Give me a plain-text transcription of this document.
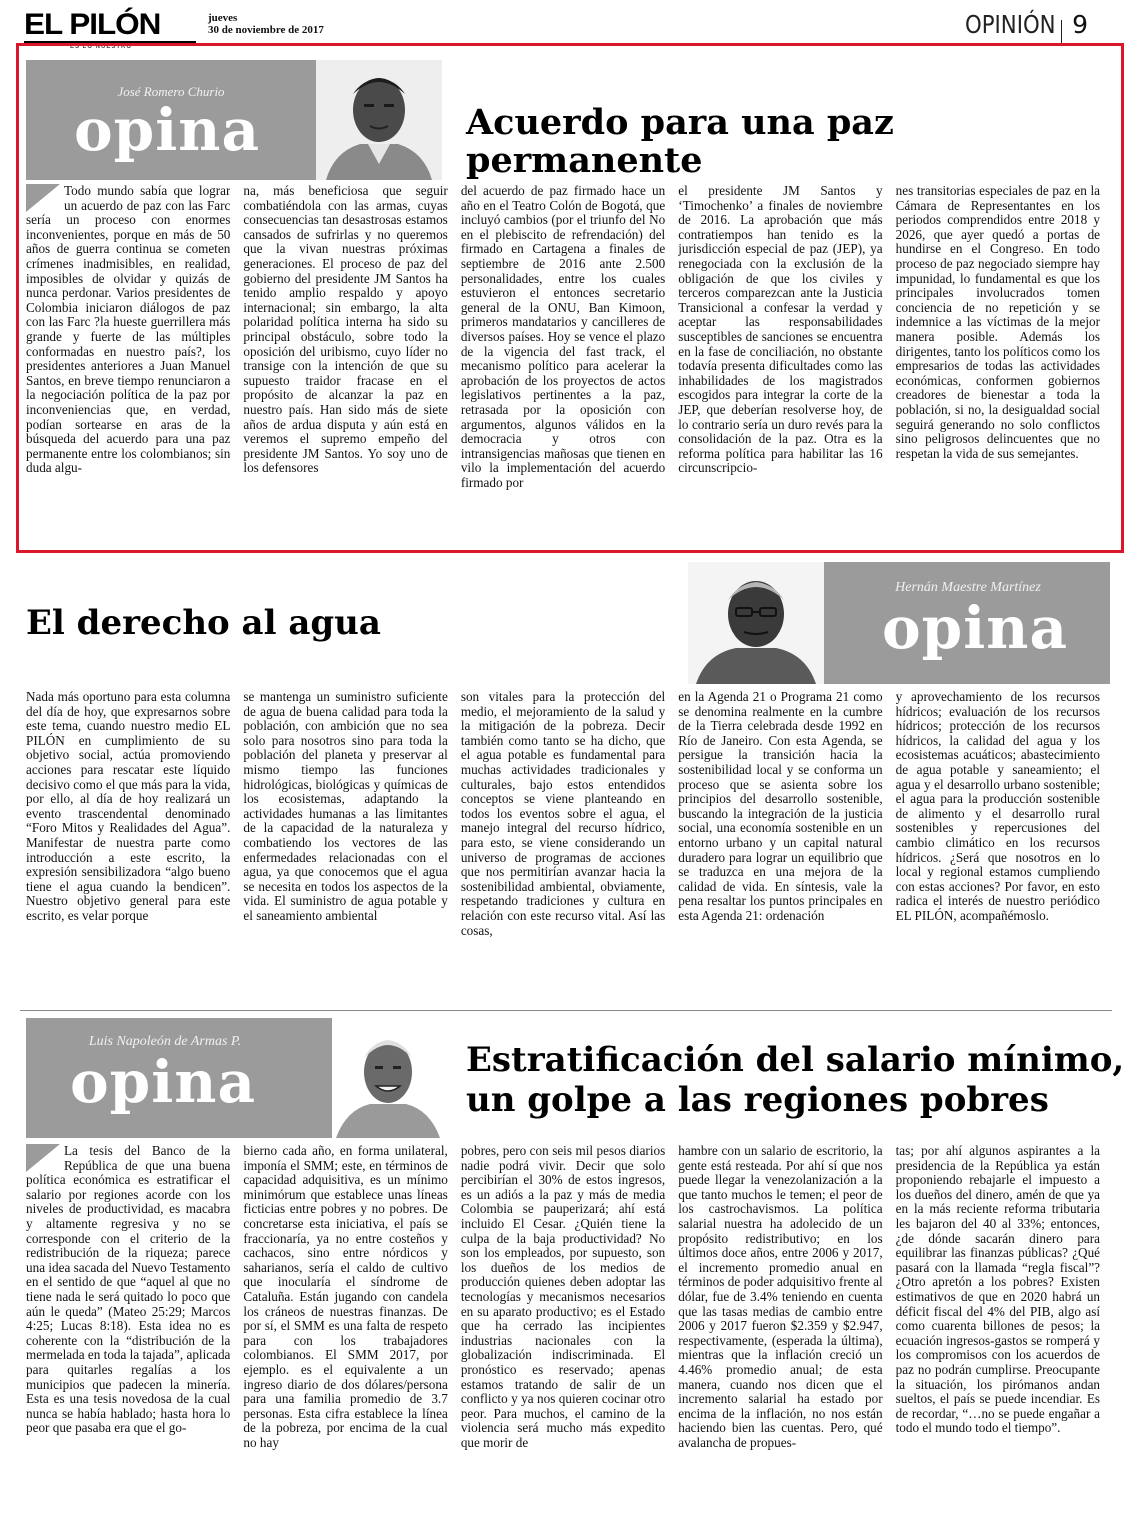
EL PILÓN
ES LO NUESTRO
jueves
30 de noviembre de 2017	OPINIÓN 9
José Romero Churio
opina	Acuerdo para una paz permanente
Todo mundo sabía que lograr un acuerdo de paz con las Farc sería un proceso con enormes inconvenientes, porque en más de 50 años de guerra continua se cometen crímenes inadmisibles, en realidad, imposibles de olvidar y quizás de nunca perdonar. Varios presidentes de Colombia iniciaron diálogos de paz con las Farc ?la hueste guerrillera más grande y fuerte de las múltiples conformadas en nuestro país?, los presidentes anteriores a Juan Manuel Santos, en breve tiempo renunciaron a la negociación política de la paz por inconveniencias que, en verdad, podían sortearse en aras de la búsqueda del acuerdo para una paz permanente entre los colombianos; sin duda algu-
na, más beneficiosa que seguir combatiéndola con las armas, cuyas consecuencias tan desastrosas estamos cansados de sufrirlas y no queremos que la vivan nuestras próximas generaciones. El proceso de paz del gobierno del presidente JM Santos ha tenido amplio respaldo y apoyo internacional; sin embargo, la alta polaridad política interna ha sido su principal obstáculo, sobre todo la oposición del uribismo, cuyo líder no transige con la intención de que su supuesto traidor fracase en el propósito de alcanzar la paz en nuestro país. Han sido más de siete años de ardua disputa y aún está en veremos el supremo empeño del presidente JM Santos. Yo soy uno de los defensores
del acuerdo de paz firmado hace un año en el Teatro Colón de Bogotá, que incluyó cambios (por el triunfo del No en el plebiscito de refrendación) del firmado en Cartagena a finales de septiembre de 2016 ante 2.500 personalidades, entre los cuales estuvieron el entonces secretario general de la ONU, Ban Kimoon, primeros mandatarios y cancilleres de diversos países. Hoy se vence el plazo de la vigencia del fast track, el mecanismo político para acelerar la aprobación de los proyectos de actos legislativos pertinentes a la paz, retrasada por la oposición con argumentos, algunos válidos en la democracia y otros con intransigencias mañosas que tienen en vilo la implementación del acuerdo firmado por
el presidente JM Santos y ‘Timochenko’ a finales de noviembre de 2016. La aprobación que más contratiempos han tenido es la jurisdicción especial de paz (JEP), ya renegociada con la exclusión de la obligación de que los civiles y terceros comparezcan ante la Justicia Transicional a confesar la verdad y aceptar las responsabilidades susceptibles de sanciones se encuentra en la fase de conciliación, no obstante todavía presenta dificultades como las inhabilidades de los magistrados escogidos para integrar la corte de la JEP, que deberían resolverse hoy, de lo contrario sería un duro revés para la consolidación de la paz. Otra es la reforma política para habilitar las 16 circunscripcio-
nes transitorias especiales de paz en la Cámara de Representantes en los periodos comprendidos entre 2018 y 2026, que ayer quedó a portas de hundirse en el Congreso. En todo proceso de paz negociado siempre hay impunidad, lo fundamental es que los principales involucrados tomen conciencia de no repetición y se indemnice a las víctimas de la mejor manera posible. Además los dirigentes, tanto los políticos como los empresarios de todas las actividades económicas, conformen gobiernos creadores de bienestar a toda la población, si no, la desigualdad social seguirá generando no solo conflictos sino peligrosos delincuentes que no respetan la vida de sus semejantes.
El derecho al agua
Hernán Maestre Martínez
opina
Nada más oportuno para esta columna del día de hoy, que expresarnos sobre este tema, cuando nuestro medio EL PILÓN en cumplimiento de su objetivo social, actúa promoviendo acciones para rescatar este líquido decisivo como el que más para la vida, por ello, al día de hoy realizará un evento trascendental denominado “Foro Mitos y Realidades del Agua”. Manifestar de nuestra parte como introducción a este escrito, la expresión sensibilizadora “algo bueno tiene el agua cuando la bendicen”. Nuestro objetivo general para este escrito, es velar porque
se mantenga un suministro suficiente de agua de buena calidad para toda la población, con ambición que no sea solo para nosotros sino para toda la población del planeta y preservar al mismo tiempo las funciones hidrológicas, biológicas y químicas de los ecosistemas, adaptando la actividades humanas a las limitantes de la capacidad de la naturaleza y combatiendo los vectores de las enfermedades relacionadas con el agua, ya que conocemos que el agua se necesita en todos los aspectos de la vida. El suministro de agua potable y el saneamiento ambiental
son vitales para la protección del medio, el mejoramiento de la salud y la mitigación de la pobreza. Decir también como tanto se ha dicho, que el agua potable es fundamental para muchas actividades tradicionales y culturales, bajo estos entendidos conceptos se viene planteando en todos los eventos sobre el agua, el manejo integral del recurso hídrico, para esto, se viene considerando un universo de programas de acciones que nos permitirían avanzar hacia la sostenibilidad ambiental, obviamente, respetando tradiciones y cultura en relación con este recurso vital. Así las cosas,
en la Agenda 21 o Programa 21 como se denomina realmente en la cumbre de la Tierra celebrada desde 1992 en Río de Janeiro. Con esta Agenda, se persigue la transición hacia la sostenibilidad local y se conforma un proceso que se asienta sobre los principios del desarrollo sostenible, buscando la integración de la justicia social, una economía sostenible en un entorno urbano y un capital natural duradero para lograr un equilibrio que se traduzca en una mejora de la calidad de vida. En síntesis, vale la pena resaltar los puntos principales en esta Agenda 21: ordenación
y aprovechamiento de los recursos hídricos; evaluación de los recursos hídricos; protección de los recursos hídricos, la calidad del agua y los ecosistemas acuáticos; abastecimiento de agua potable y saneamiento; el agua y el desarrollo urbano sostenible; el agua para la producción sostenible de alimento y el desarrollo rural sostenibles y repercusiones del cambio climático en los recursos hídricos. ¿Será que nosotros en lo local y regional estamos cumpliendo con estas acciones? Por favor, en esto radica el interés de nuestro periódico EL PILÓN, acompañémoslo.
Luis Napoleón de Armas P.
opina	Estratificación del salario mínimo,
un golpe a las regiones pobres
La tesis del Banco de la República de que una buena política económica es estratificar el salario por regiones acorde con los niveles de productividad, es macabra y altamente regresiva y no se corresponde con el criterio de la redistribución de la riqueza; parece una idea sacada del Nuevo Testamento en el sentido de que “aquel al que no tiene nada le será quitado lo poco que aún le queda” (Mateo 25:29; Marcos 4:25; Lucas 8:18). Esta idea no es coherente con la “distribución de la mermelada en toda la tajada”, aplicada para quitarles regalías a los municipios que padecen la minería. Esta es una tesis novedosa de la cual nunca se había hablado; hasta hora lo peor que pasaba era que el go-
bierno cada año, en forma unilateral, imponía el SMM; este, en términos de capacidad adquisitiva, es un mínimo minimórum que establece unas líneas ficticias entre pobres y no pobres. De concretarse esta iniciativa, el país se fraccionaría, ya no entre costeños y cachacos, sino entre nórdicos y saharianos, sería el caldo de cultivo que inocularía el síndrome de Cataluña. Están jugando con candela los cráneos de nuestras finanzas. De por sí, el SMM es una falta de respeto para con los trabajadores colombianos. El SMM 2017, por ejemplo. es el equivalente a un ingreso diario de dos dólares/persona para una familia promedio de 3.7 personas. Esta cifra establece la línea de la pobreza, por encima de la cual no hay
pobres, pero con seis mil pesos diarios nadie podrá vivir. Decir que solo percibirían el 30% de estos ingresos, es un adiós a la paz y más de media Colombia se pauperizará; ahí está incluido El Cesar. ¿Quién tiene la culpa de la baja productividad? No son los empleados, por supuesto, son los dueños de los medios de producción quienes deben adoptar las tecnologías y mecanismos necesarios en su aparato productivo; es el Estado que ha cerrado las incipientes industrias nacionales con la globalización indiscriminada. El pronóstico es reservado; apenas estamos tratando de salir de un conflicto y ya nos quieren cocinar otro peor. Para muchos, el camino de la violencia será mucho más expedito que morir de
hambre con un salario de escritorio, la gente está resteada. Por ahí sí que nos puede llegar la venezolanización a la que tanto muchos le temen; el peor de los castrochavismos. La política salarial nuestra ha adolecido de un propósito redistributivo; en los últimos doce años, entre 2006 y 2017, el incremento promedio anual en términos de poder adquisitivo frente al dólar, fue de 3.4% teniendo en cuenta que las tasas medias de cambio entre 2006 y 2017 fueron $2.359 y $2.947, respectivamente, (esperada la última), mientras que la inflación creció un 4.46% promedio anual; de esta manera, cuando nos dicen que el incremento salarial ha estado por encima de la inflación, no nos están haciendo bien las cuentas. Pero, qué avalancha de propues-
tas; por ahí algunos aspirantes a la presidencia de la República ya están proponiendo rebajarle el impuesto a los dueños del dinero, amén de que ya en la más reciente reforma tributaria les bajaron del 40 al 33%; entonces, ¿de dónde sacarán dinero para equilibrar las finanzas públicas? ¿Qué pasará con la llamada “regla fiscal”? ¿Otro apretón a los pobres? Existen estimativos de que en 2020 habrá un déficit fiscal del 4% del PIB, algo así como cuarenta billones de pesos; la ecuación ingresos-gastos se romperá y los compromisos con los acuerdos de paz no podrán cumplirse. Preocupante la situación, los pirómanos andan sueltos, el país se puede incendiar. Es de recordar, “…no se puede engañar a todo el mundo todo el tiempo”.
